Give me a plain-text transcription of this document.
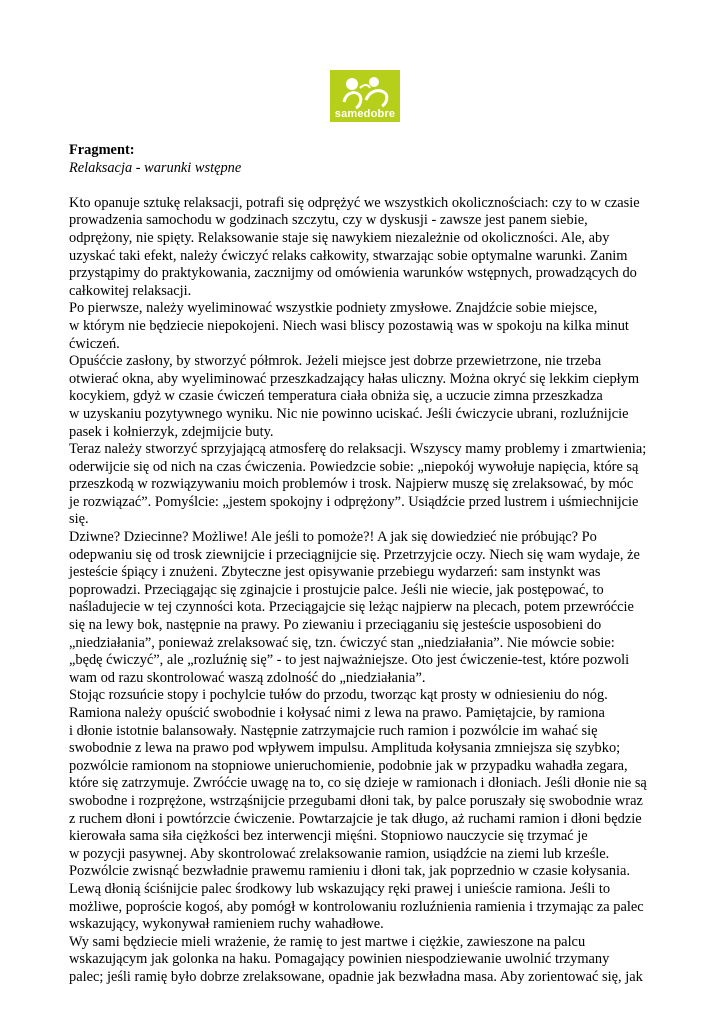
samedobre
Fragment:
Relaksacja - warunki wstępne
Kto opanuje sztukę relaksacji, potrafi się odprężyć we wszystkich okolicznościach: czy to w czasie
prowadzenia samochodu w godzinach szczytu, czy w dyskusji - zawsze jest panem siebie,
odprężony, nie spięty. Relaksowanie staje się nawykiem niezależnie od okoliczności. Ale, aby
uzyskać taki efekt, należy ćwiczyć relaks całkowity, stwarzając sobie optymalne warunki. Zanim
przystąpimy do praktykowania, zacznijmy od omówienia warunków wstępnych, prowadzących do
całkowitej relaksacji.
Po pierwsze, należy wyeliminować wszystkie podniety zmysłowe. Znajdźcie sobie miejsce,
w którym nie będziecie niepokojeni. Niech wasi bliscy pozostawią was w spokoju na kilka minut
ćwiczeń.
Opuśćcie zasłony, by stworzyć półmrok. Jeżeli miejsce jest dobrze przewietrzone, nie trzeba
otwierać okna, aby wyeliminować przeszkadzający hałas uliczny. Można okryć się lekkim ciepłym
kocykiem, gdyż w czasie ćwiczeń temperatura ciała obniża się, a uczucie zimna przeszkadza
w uzyskaniu pozytywnego wyniku. Nic nie powinno uciskać. Jeśli ćwiczycie ubrani, rozluźnijcie
pasek i kołnierzyk, zdejmijcie buty.
Teraz należy stworzyć sprzyjającą atmosferę do relaksacji. Wszyscy mamy problemy i zmartwienia;
oderwijcie się od nich na czas ćwiczenia. Powiedzcie sobie: „niepokój wywołuje napięcia, które są
przeszkodą w rozwiązywaniu moich problemów i trosk. Najpierw muszę się zrelaksować, by móc
je rozwiązać”. Pomyślcie: „jestem spokojny i odprężony”. Usiądźcie przed lustrem i uśmiechnijcie
się.
Dziwne? Dziecinne? Możliwe! Ale jeśli to pomoże?! A jak się dowiedzieć nie próbując? Po
odерwaniu się od trosk ziewnijcie i przeciągnijcie się. Przetrzyjcie oczy. Niech się wam wydaje, że
jesteście śpiący i znużeni. Zbyteczne jest opisywanie przebiegu wydarzeń: sam instynkt was
poprowadzi. Przeciągając się zginajcie i prostujcie palce. Jeśli nie wiecie, jak postępować, to
naśladujecie w tej czynności kota. Przeciągajcie się leżąc najpierw na plecach, potem przewróćcie
się na lewy bok, następnie na prawy. Po ziewaniu i przeciąganiu się jesteście usposobieni do
„niedziałania”, ponieważ zrelaksować się, tzn. ćwiczyć stan „niedziałania”. Nie mówcie sobie:
„będę ćwiczyć”, ale „rozluźnię się” - to jest najważniejsze. Oto jest ćwiczenie-test, które pozwoli
wam od razu skontrolować waszą zdolność do „niedziałania”.
Stojąc rozsuńcie stopy i pochylcie tułów do przodu, tworząc kąt prosty w odniesieniu do nóg.
Ramiona należy opuścić swobodnie i kołysać nimi z lewa na prawo. Pamiętajcie, by ramiona
i dłonie istotnie balansowały. Następnie zatrzymajcie ruch ramion i pozwólcie im wahać się
swobodnie z lewa na prawo pod wpływem impulsu. Amplituda kołysania zmniejsza się szybko;
pozwólcie ramionom na stopniowe unieruchomienie, podobnie jak w przypadku wahadła zegara,
które się zatrzymuje. Zwróćcie uwagę na to, co się dzieje w ramionach i dłoniach. Jeśli dłonie nie są
swobodne i rozprężone, wstrząśnijcie przegubami dłoni tak, by palce poruszały się swobodnie wraz
z ruchem dłoni i powtórzcie ćwiczenie. Powtarzajcie je tak długo, aż ruchami ramion i dłoni będzie
kierowała sama siła ciężkości bez interwencji mięśni. Stopniowo nauczycie się trzymać je
w pozycji pasywnej. Aby skontrolować zrelaksowanie ramion, usiądźcie na ziemi lub krześle.
Pozwólcie zwisnąć bezwładnie prawemu ramieniu i dłoni tak, jak poprzednio w czasie kołysania.
Lewą dłonią ściśnijcie palec środkowy lub wskazujący ręki prawej i unieście ramiona. Jeśli to
możliwe, poproście kogoś, aby pomógł w kontrolowaniu rozluźnienia ramienia i trzymając za palec
wskazujący, wykonywał ramieniem ruchy wahadłowe.
Wy sami będziecie mieli wrażenie, że ramię to jest martwe i ciężkie, zawieszone na palcu
wskazującym jak golonka na haku. Pomagający powinien niespodziewanie uwolnić trzymany
palec; jeśli ramię było dobrze zrelaksowane, opadnie jak bezwładna masa. Aby zorientować się, jak
